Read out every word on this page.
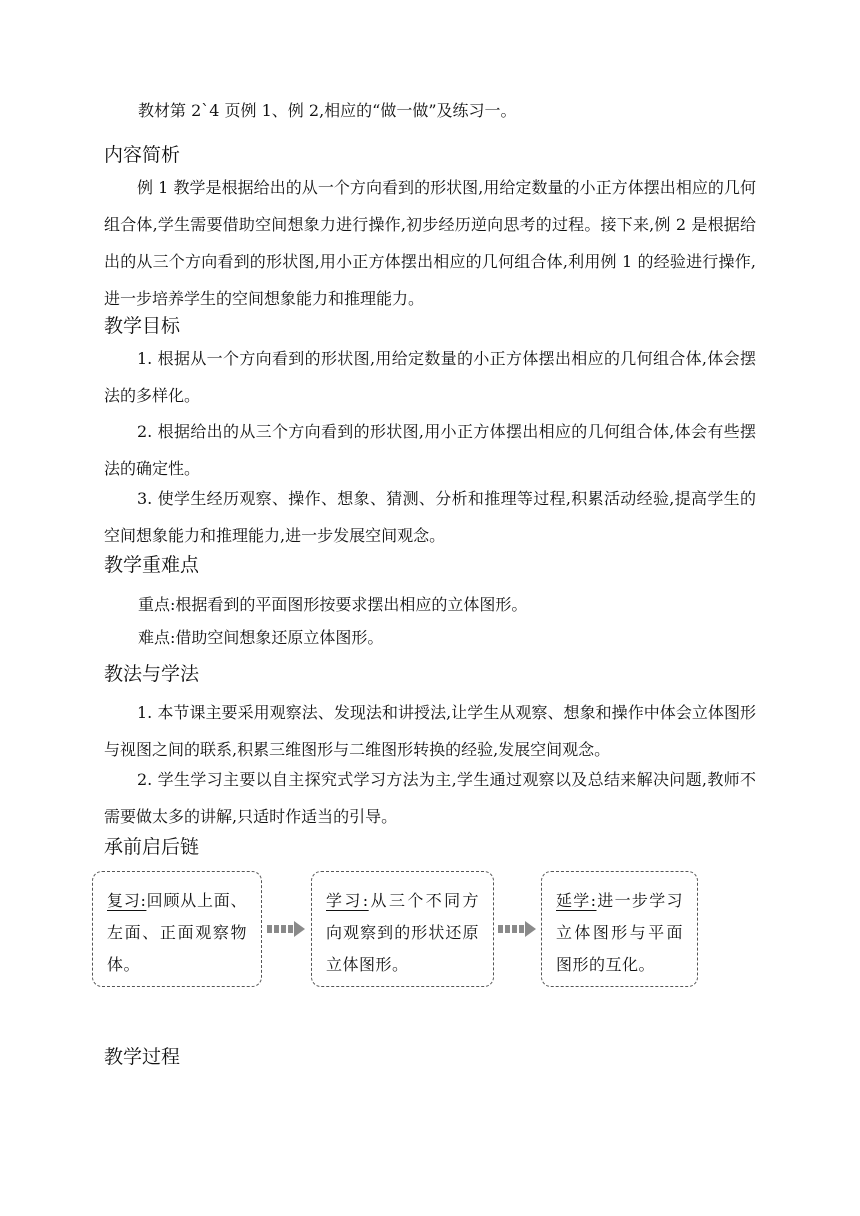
教材第 2`4 页例 1、例 2,相应的“做一做”及练习一。
内容简析
例 1 教学是根据给出的从一个方向看到的形状图,用给定数量的小正方体摆出相应的几何组合体,学生需要借助空间想象力进行操作,初步经历逆向思考的过程。接下来,例 2 是根据给出的从三个方向看到的形状图,用小正方体摆出相应的几何组合体,利用例 1 的经验进行操作,进一步培养学生的空间想象能力和推理能力。
教学目标
1. 根据从一个方向看到的形状图,用给定数量的小正方体摆出相应的几何组合体,体会摆法的多样化。
2. 根据给出的从三个方向看到的形状图,用小正方体摆出相应的几何组合体,体会有些摆法的确定性。
3. 使学生经历观察、操作、想象、猜测、分析和推理等过程,积累活动经验,提高学生的空间想象能力和推理能力,进一步发展空间观念。
教学重难点
重点:根据看到的平面图形按要求摆出相应的立体图形。
难点:借助空间想象还原立体图形。
教法与学法
1. 本节课主要采用观察法、发现法和讲授法,让学生从观察、想象和操作中体会立体图形与视图之间的联系,积累三维图形与二维图形转换的经验,发展空间观念。
2. 学生学习主要以自主探究式学习方法为主,学生通过观察以及总结来解决问题,教师不需要做太多的讲解,只适时作适当的引导。
承前启后链
复习:回顾从上面、左面、正面观察物体。
学习:从三个不同方向观察到的形状还原立体图形。
延学:进一步学习立体图形与平面图形的互化。
教学过程
